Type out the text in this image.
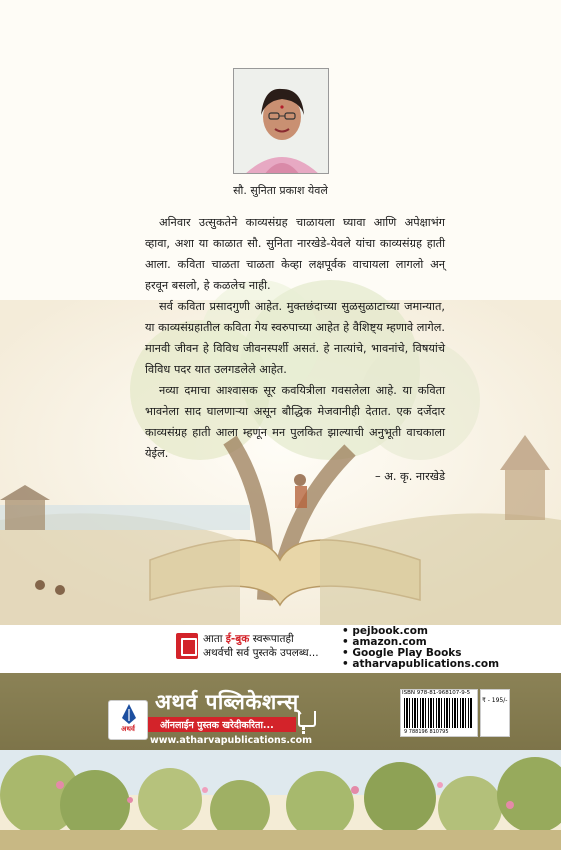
सौ. सुनिता प्रकाश येवले

अनिवार उत्सुकतेने काव्यसंग्रह चाळायला घ्यावा आणि अपेक्षाभंग व्हावा, अशा या काळात सौ. सुनिता नारखेडे-येवले यांचा काव्यसंग्रह हाती आला. कविता चाळता चाळता केव्हा लक्षपूर्वक वाचायला लागलो अन् हरवून बसलो, हे कळलेच नाही.

सर्व कविता प्रसादगुणी आहेत. मुक्तछंदाच्या सुळसुळाटाच्या जमान्यात, या काव्यसंग्रहातील कविता गेय स्वरुपाच्या आहेत हे वैशिष्ट्य म्हणावे लागेल. मानवी जीवन हे विविध जीवनस्पर्शी असतं. हे नात्यांचे, भावनांचे, विषयांचे विविध पदर यात उलगडलेले आहेत.

नव्या दमाचा आश्वासक सूर कवयित्रीला गवसलेला आहे. या कविता भावनेला साद घालणाऱ्या असून बौद्धिक मेजवानीही देतात. एक दर्जेदार काव्यसंग्रह हाती आला म्हणून मन पुलकित झाल्याची अनुभूती वाचकाला येईल.

– अ. कृ. नारखेडे

आता ई-बुक स्वरूपातही
अथर्वची सर्व पुस्तके उपलब्ध...
• pejbook.com
• amazon.com
• Google Play Books
• atharvapublications.com
अथर्व
अथर्व पब्लिकेशन्स्
ऑनलाईन पुस्तक खरेदीकरिता...
www.atharvapublications.com
ISBN 978-81-968107-9-5
9 788196 810795
₹ - 195/-
